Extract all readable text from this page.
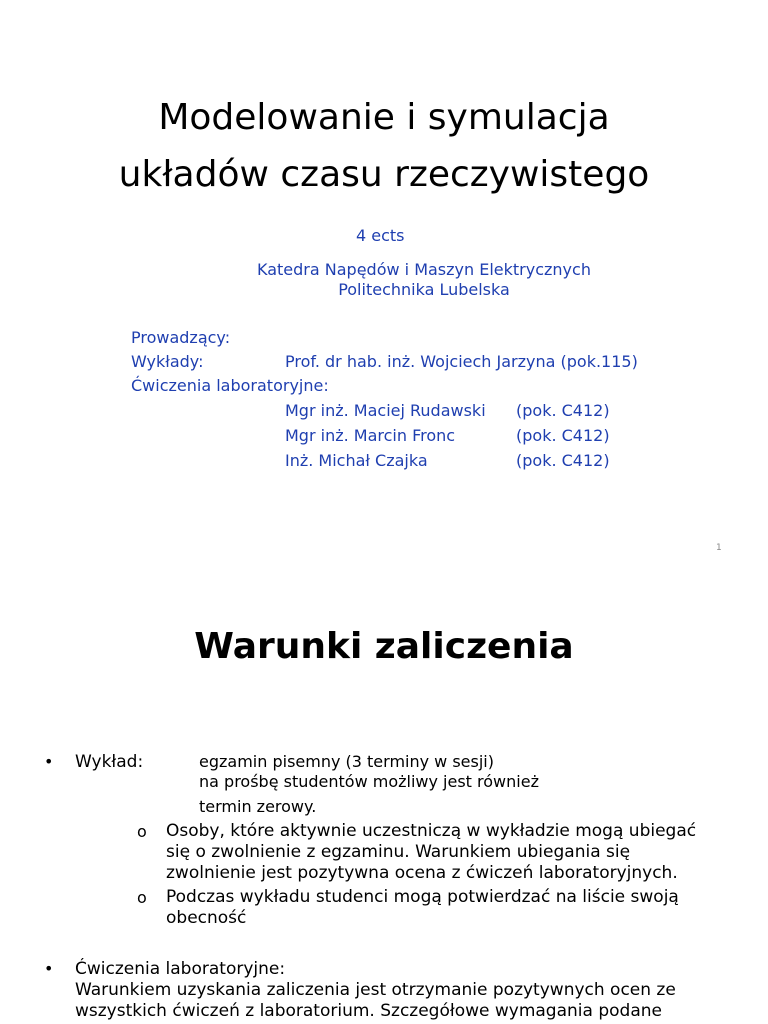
Modelowanie i symulacja
układów czasu rzeczywistego
4 ects
Katedra Napędów i Maszyn Elektrycznych
Politechnika Lubelska
Prowadzący:
Wykłady:	Prof. dr hab. inż. Wojciech Jarzyna (pok.115)
Ćwiczenia laboratoryjne:
Mgr inż. Maciej Rudawski (pok. C412)
Mgr inż. Marcin Fronc	(pok. C412)
Inż. Michał Czajka	(pok. C412)
1
Warunki zaliczenia
• Wykład:	egzamin pisemny (3 terminy w sesji)
na prośbę studentów możliwy jest również
termin zerowy.
o Osoby, które aktywnie uczestniczą w wykładzie mogą ubiegać
się o zwolnienie z egzaminu. Warunkiem ubiegania się
zwolnienie jest pozytywna ocena z ćwiczeń laboratoryjnych.
o Podczas wykładu studenci mogą potwierdzać na liście swoją
obecność
• Ćwiczenia laboratoryjne:
Warunkiem uzyskania zaliczenia jest otrzymanie pozytywnych ocen ze
wszystkich ćwiczeń z laboratorium. Szczegółowe wymagania podane
